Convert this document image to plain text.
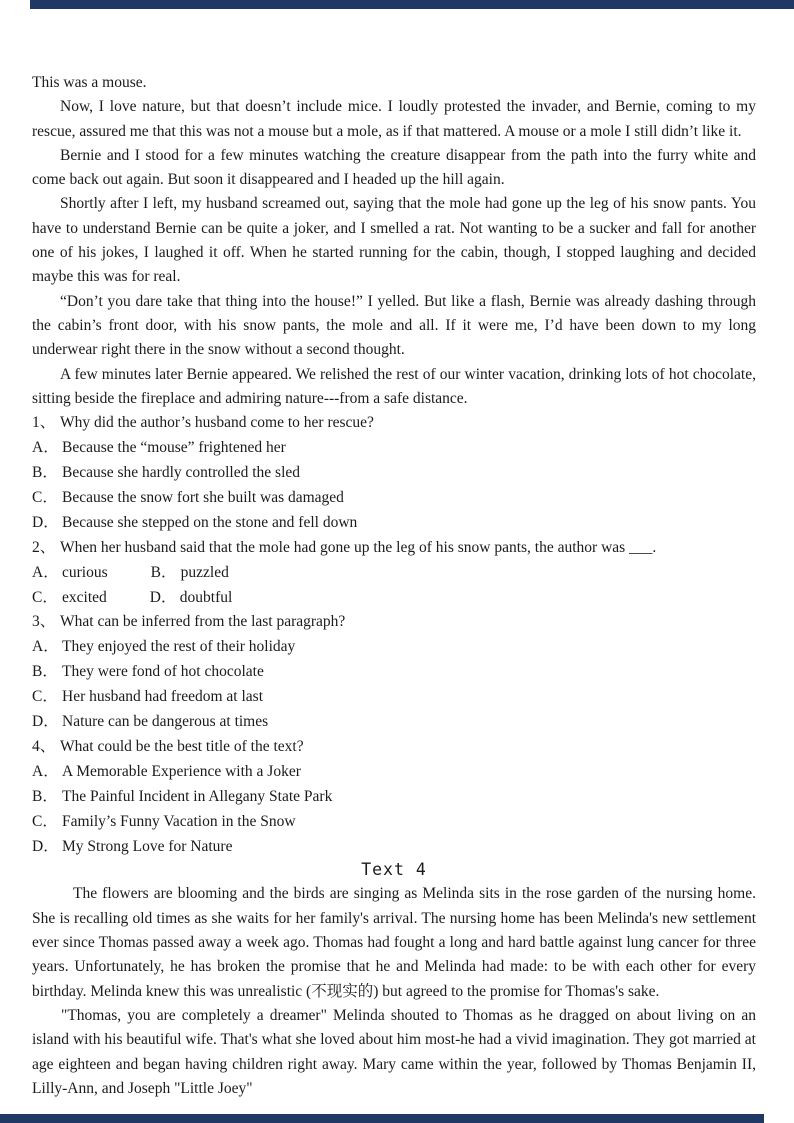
This was a mouse.

Now, I love nature, but that doesn’t include mice. I loudly protested the invader, and Bernie, coming to my rescue, assured me that this was not a mouse but a mole, as if that mattered. A mouse or a mole I still didn’t like it.

Bernie and I stood for a few minutes watching the creature disappear from the path into the furry white and come back out again. But soon it disappeared and I headed up the hill again.

Shortly after I left, my husband screamed out, saying that the mole had gone up the leg of his snow pants. You have to understand Bernie can be quite a joker, and I smelled a rat. Not wanting to be a sucker and fall for another one of his jokes, I laughed it off. When he started running for the cabin, though, I stopped laughing and decided maybe this was for real.

“Don’t you dare take that thing into the house!” I yelled. But like a flash, Bernie was already dashing through the cabin’s front door, with his snow pants, the mole and all. If it were me, I’d have been down to my long underwear right there in the snow without a second thought.

A few minutes later Bernie appeared. We relished the rest of our winter vacation, drinking lots of hot chocolate, sitting beside the fireplace and admiring nature---from a safe distance.

1、 Why did the author’s husband come to her rescue?
A． Because the “mouse” frightened her
B． Because she hardly controlled the sled
C． Because the snow fort she built was damaged
D． Because she stepped on the stone and fell down
2、 When her husband said that the mole had gone up the leg of his snow pants, the author was ___.
A． curious	B． puzzled
C． excited	D． doubtful
3、 What can be inferred from the last paragraph?
A． They enjoyed the rest of their holiday
B． They were fond of hot chocolate
C． Her husband had freedom at last
D． Nature can be dangerous at times
4、 What could be the best title of the text?
A． A Memorable Experience with a Joker
B． The Painful Incident in Allegany State Park
C． Family’s Funny Vacation in the Snow
D． My Strong Love for Nature
Text 4

The flowers are blooming and the birds are singing as Melinda sits in the rose garden of the nursing home. She is recalling old times as she waits for her family's arrival. The nursing home has been Melinda's new settlement ever since Thomas passed away a week ago. Thomas had fought a long and hard battle against lung cancer for three years. Unfortunately, he has broken the promise that he and Melinda had made: to be with each other for every birthday. Melinda knew this was unrealistic (不现实的) but agreed to the promise for Thomas's sake.

"Thomas, you are completely a dreamer" Melinda shouted to Thomas as he dragged on about living on an island with his beautiful wife. That's what she loved about him most-he had a vivid imagination. They got married at age eighteen and began having children right away. Mary came within the year, followed by Thomas Benjamin II, Lilly-Ann, and Joseph "Little Joey"
